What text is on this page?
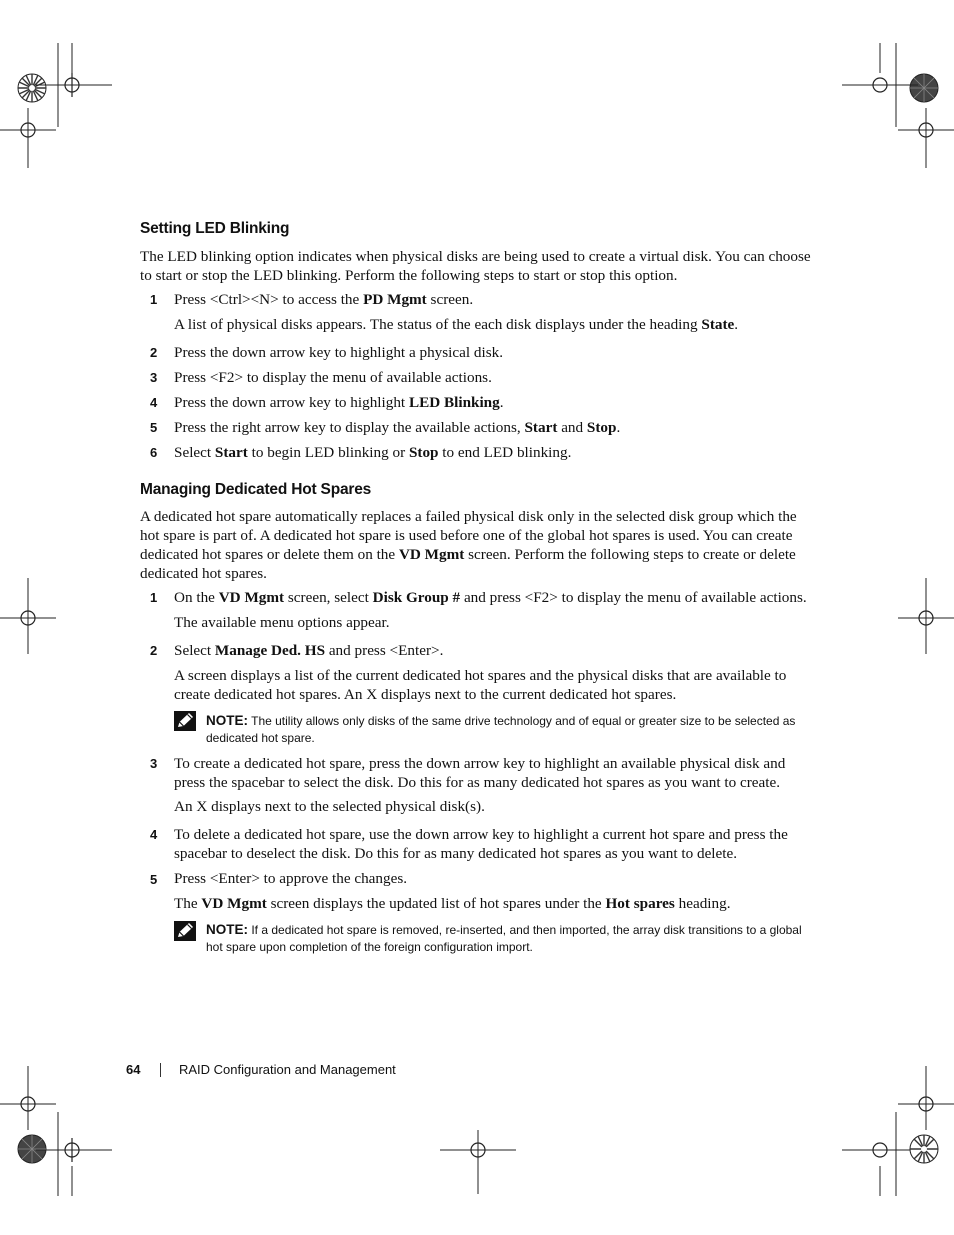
Setting LED Blinking
The LED blinking option indicates when physical disks are being used to create a virtual disk. You can choose to start or stop the LED blinking. Perform the following steps to start or stop this option.
1 Press <Ctrl><N> to access the PD Mgmt screen.
A list of physical disks appears. The status of the each disk displays under the heading State.
2 Press the down arrow key to highlight a physical disk.
3 Press <F2> to display the menu of available actions.
4 Press the down arrow key to highlight LED Blinking.
5 Press the right arrow key to display the available actions, Start and Stop.
6 Select Start to begin LED blinking or Stop to end LED blinking.
Managing Dedicated Hot Spares
A dedicated hot spare automatically replaces a failed physical disk only in the selected disk group which the hot spare is part of. A dedicated hot spare is used before one of the global hot spares is used. You can create dedicated hot spares or delete them on the VD Mgmt screen. Perform the following steps to create or delete dedicated hot spares.
1 On the VD Mgmt screen, select Disk Group # and press <F2> to display the menu of available actions.
The available menu options appear.
2 Select Manage Ded. HS and press <Enter>.
A screen displays a list of the current dedicated hot spares and the physical disks that are available to create dedicated hot spares. An X displays next to the current dedicated hot spares.
NOTE: The utility allows only disks of the same drive technology and of equal or greater size to be selected as dedicated hot spare.
3 To create a dedicated hot spare, press the down arrow key to highlight an available physical disk and press the spacebar to select the disk. Do this for as many dedicated hot spares as you want to create.
An X displays next to the selected physical disk(s).
4 To delete a dedicated hot spare, use the down arrow key to highlight a current hot spare and press the spacebar to deselect the disk. Do this for as many dedicated hot spares as you want to delete.
5 Press <Enter> to approve the changes.
The VD Mgmt screen displays the updated list of hot spares under the Hot spares heading.
NOTE: If a dedicated hot spare is removed, re-inserted, and then imported, the array disk transitions to a global hot spare upon completion of the foreign configuration import.
64	RAID Configuration and Management
